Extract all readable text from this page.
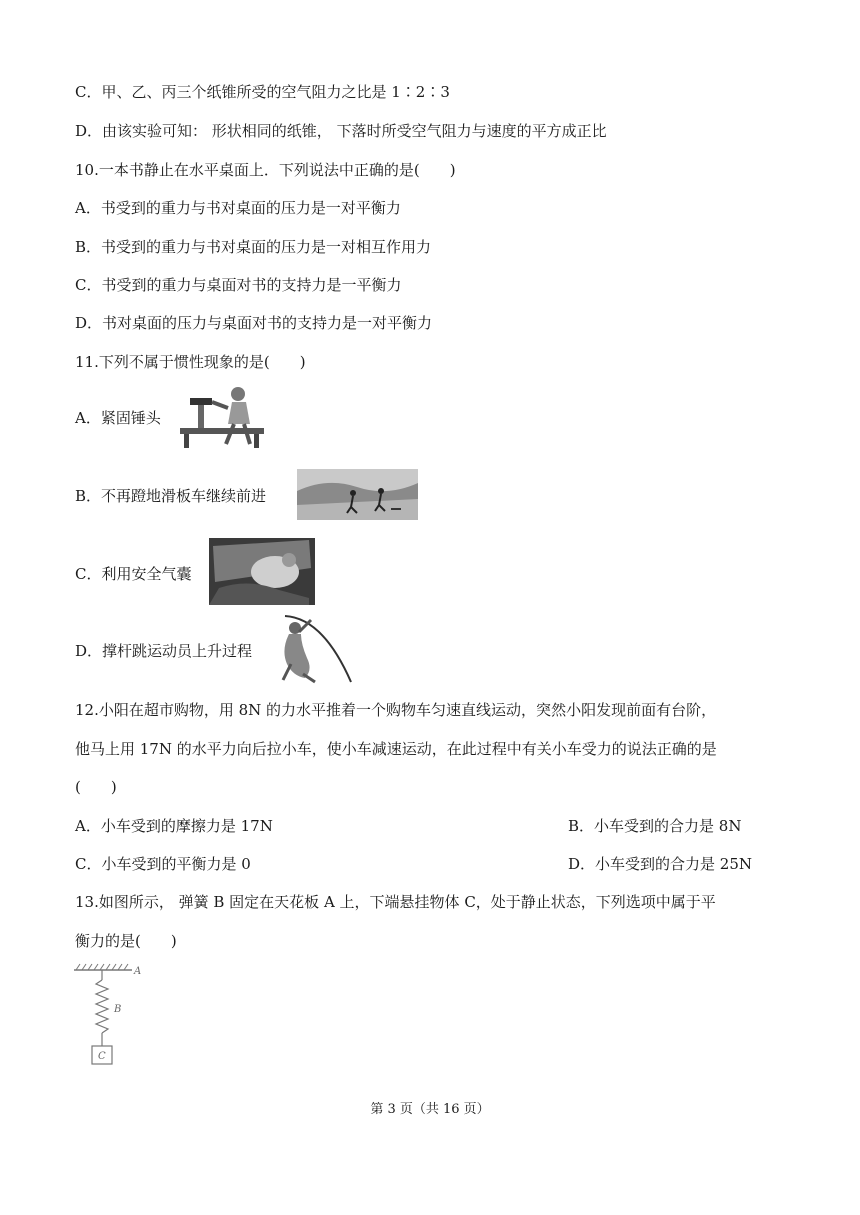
C．甲、乙、丙三个纸锥所受的空气阻力之比是 1∶2∶3
D．由该实验可知： 形状相同的纸锥， 下落时所受空气阻力与速度的平方成正比
10.一本书静止在水平桌面上．下列说法中正确的是(　　)
A．书受到的重力与书对桌面的压力是一对平衡力
B．书受到的重力与书对桌面的压力是一对相互作用力
C．书受到的重力与桌面对书的支持力是一平衡力
D．书对桌面的压力与桌面对书的支持力是一对平衡力
11.下列不属于惯性现象的是(　　)
A．紧固锤头
B．不再蹬地滑板车继续前进
C．利用安全气囊
D．撑杆跳运动员上升过程
12.小阳在超市购物，用 8N 的力水平推着一个购物车匀速直线运动，突然小阳发现前面有台阶，
他马上用 17N 的水平力向后拉小车，使小车减速运动，在此过程中有关小车受力的说法正确的是
(　　)
A．小车受到的摩擦力是 17N	B．小车受到的合力是 8N
C．小车受到的平衡力是 0	D．小车受到的合力是 25N
13.如图所示， 弹簧 B 固定在天花板 A 上，下端悬挂物体 C，处于静止状态，下列选项中属于平
衡力的是(　　)
A
B
C
第 3 页（共 16 页）
